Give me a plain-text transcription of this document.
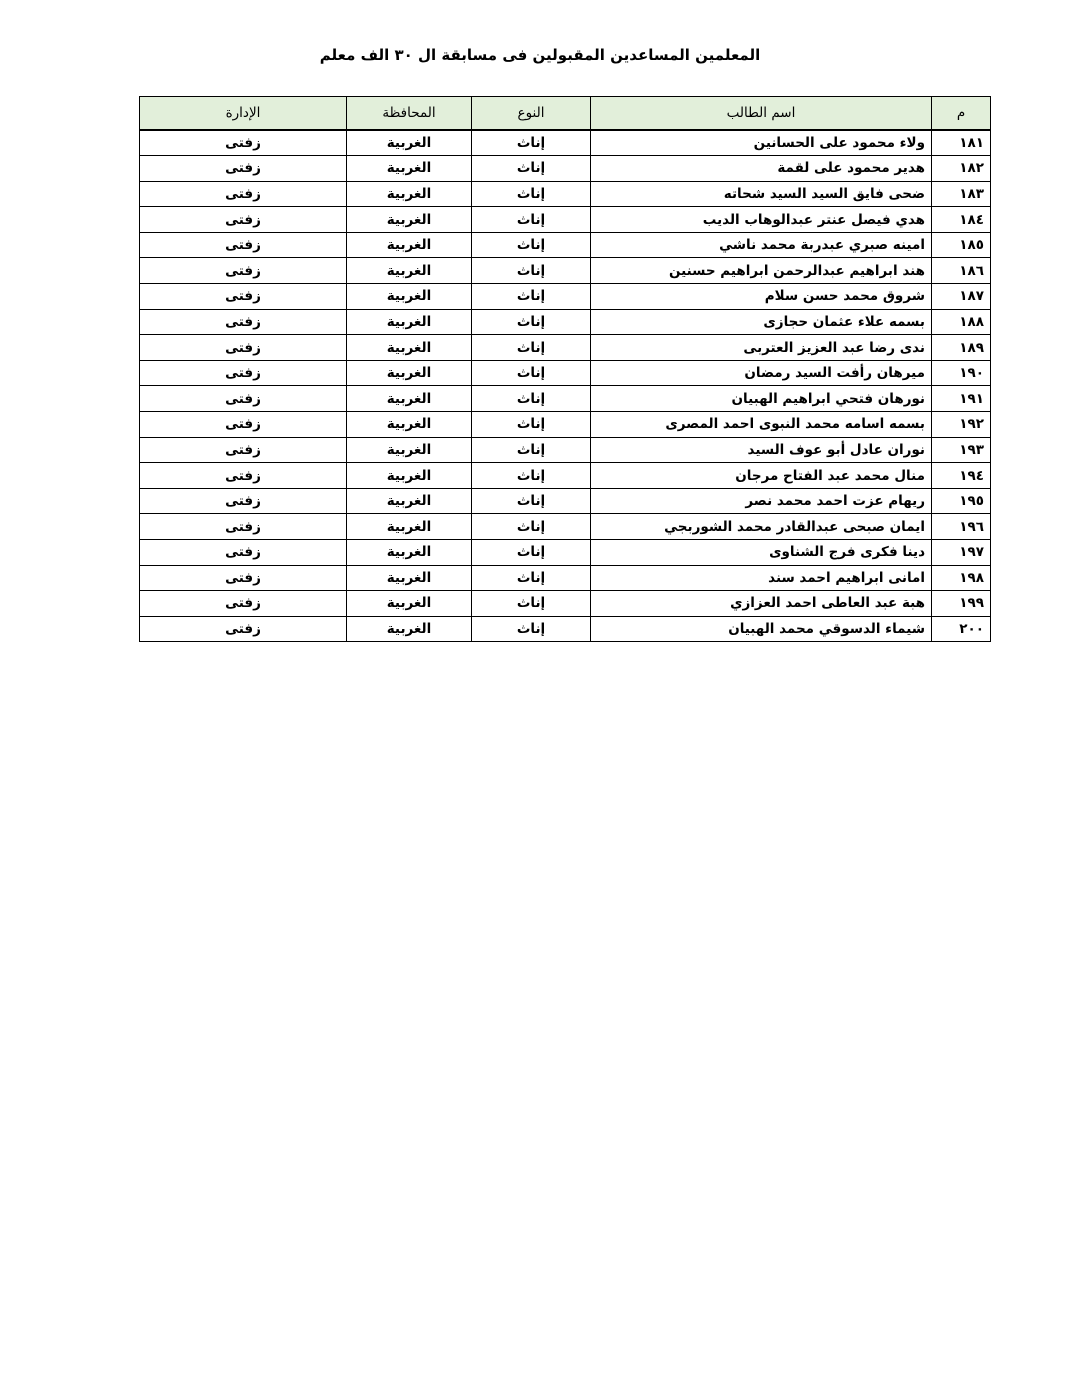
المعلمين المساعدين المقبولين فى مسابقة ال ٣٠ الف معلم
م	اسم الطالب	النوع	المحافظة	الإدارة
١٨١	ولاء محمود على الحسانين	إناث	الغربية	زفتى
١٨٢	هدير محمود على لقمة	إناث	الغربية	زفتى
١٨٣	ضحى فايق السيد السيد شحاته	إناث	الغربية	زفتى
١٨٤	هدي فيصل عنتر عبدالوهاب الديب	إناث	الغربية	زفتى
١٨٥	امينه صبري عبدربة محمد ناشي	إناث	الغربية	زفتى
١٨٦	هند ابراهيم عبدالرحمن ابراهيم حسنين	إناث	الغربية	زفتى
١٨٧	شروق محمد حسن سلام	إناث	الغربية	زفتى
١٨٨	بسمه علاء عثمان حجازى	إناث	الغربية	زفتى
١٨٩	ندى رضا عبد العزيز العتربى	إناث	الغربية	زفتى
١٩٠	ميرهان رأفت السيد رمضان	إناث	الغربية	زفتى
١٩١	نورهان فتحي ابراهيم الهبيان	إناث	الغربية	زفتى
١٩٢	بسمه اسامه محمد النبوى احمد المصرى	إناث	الغربية	زفتى
١٩٣	نوران عادل أبو عوف السيد	إناث	الغربية	زفتى
١٩٤	منال محمد عبد الفتاح مرجان	إناث	الغربية	زفتى
١٩٥	ريهام عزت احمد محمد نصر	إناث	الغربية	زفتى
١٩٦	ايمان صبحى عبدالقادر محمد الشوربجي	إناث	الغربية	زفتى
١٩٧	دينا فكرى فرج الشناوى	إناث	الغربية	زفتى
١٩٨	امانى ابراهيم احمد سند	إناث	الغربية	زفتى
١٩٩	هبة عبد العاطى احمد العزازي	إناث	الغربية	زفتى
٢٠٠	شيماء الدسوقي محمد الهبيان	إناث	الغربية	زفتى
